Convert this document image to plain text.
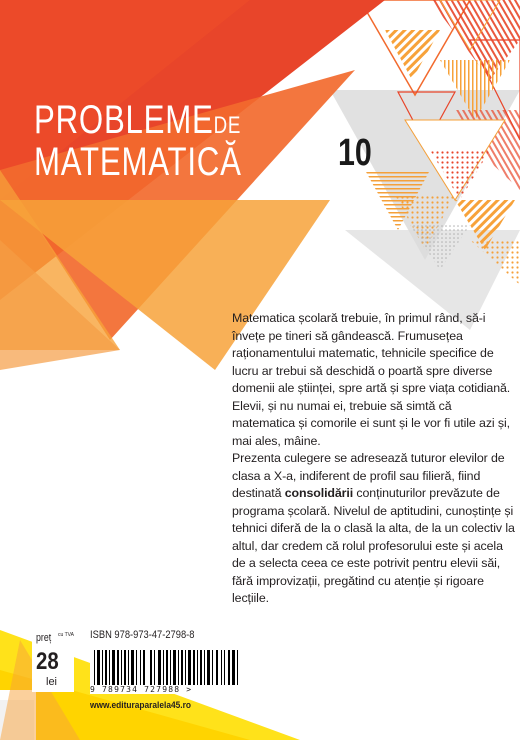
PROBLEMEDE
MATEMATICĂ	10

Matematica școlară trebuie, în primul rând, să-i învețe pe tineri să gândească. Frumusețea raționamentului matematic, tehnicile specifice de lucru ar trebui să deschidă o poartă spre diverse domenii ale științei, spre artă și spre viața cotidiană. Elevii, și nu numai ei, trebuie să simtă că matematica și comorile ei sunt și le vor fi utile azi și, mai ales, mâine.

Prezenta culegere se adresează tuturor elevilor de clasa a X-a, indiferent de profil sau filieră, fiind destinată consolidării conținuturilor prevăzute de programa școlară. Nivelul de aptitudini, cunoștințe și tehnici diferă de la o clasă la alta, de la un colectiv la altul, dar credem că rolul profesorului este și acela de a selecta ceea ce este potrivit pentru elevii săi, fără improvizații, pregătind cu atenție și rigoare lecțiile.

preț cu TVA
28
lei
ISBN 978-973-47-2798-8
9 789734 727988 >
www.edituraparalela45.ro
